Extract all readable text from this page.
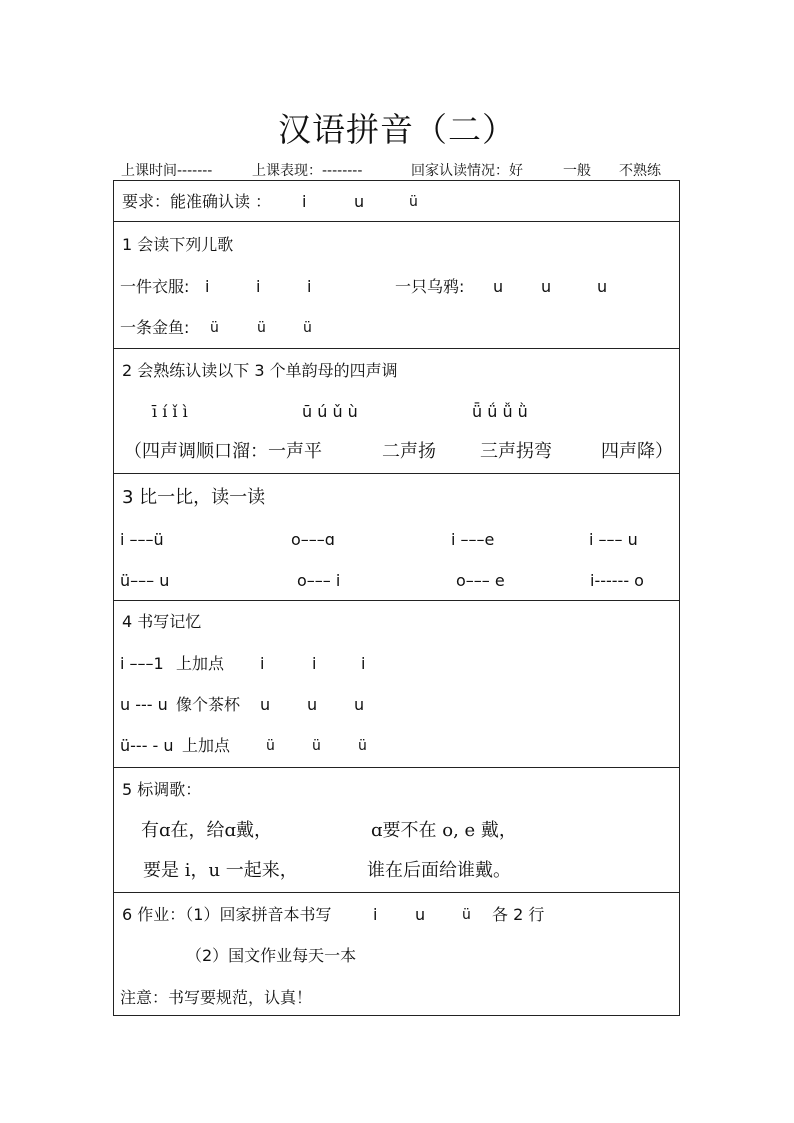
汉语拼音（二）
上课时间-------	上课表现：--------	回家认读情况：好	一般 不熟练
要求：能准确认读 ： i	u	ü
1 会读下列儿歌
一件衣服: i	i	i	一只乌鸦: u u	u
一条金鱼: ü	ü	ü
2 会熟练认读以下 3 个单韵母的四声调
ī í ǐ ì	ū ú ǔ ù	ǖ ǘ ǚ ǜ
（四声调顺口溜：一声平	二声扬 三声拐弯	四声降）
3 比一比，读一读
i –––ü	o–––ɑ	i –––e	i ––– u
ü––– u	o––– i	o––– e	i------ o
4 书写记忆
i –––1 上加点 i	i	i
u --- u 像个茶杯 u u u
ü--- - u 上加点	ü	ü	ü
5 标调歌：
有ɑ在，给ɑ戴，	ɑ要不在 o, e 戴，
要是 i，u 一起来，	谁在后面给谁戴。
6 作业：（1）回家拼音本书写	i u	ü 各 2 行
（2）国文作业每天一本
注意：书写要规范，认真！
